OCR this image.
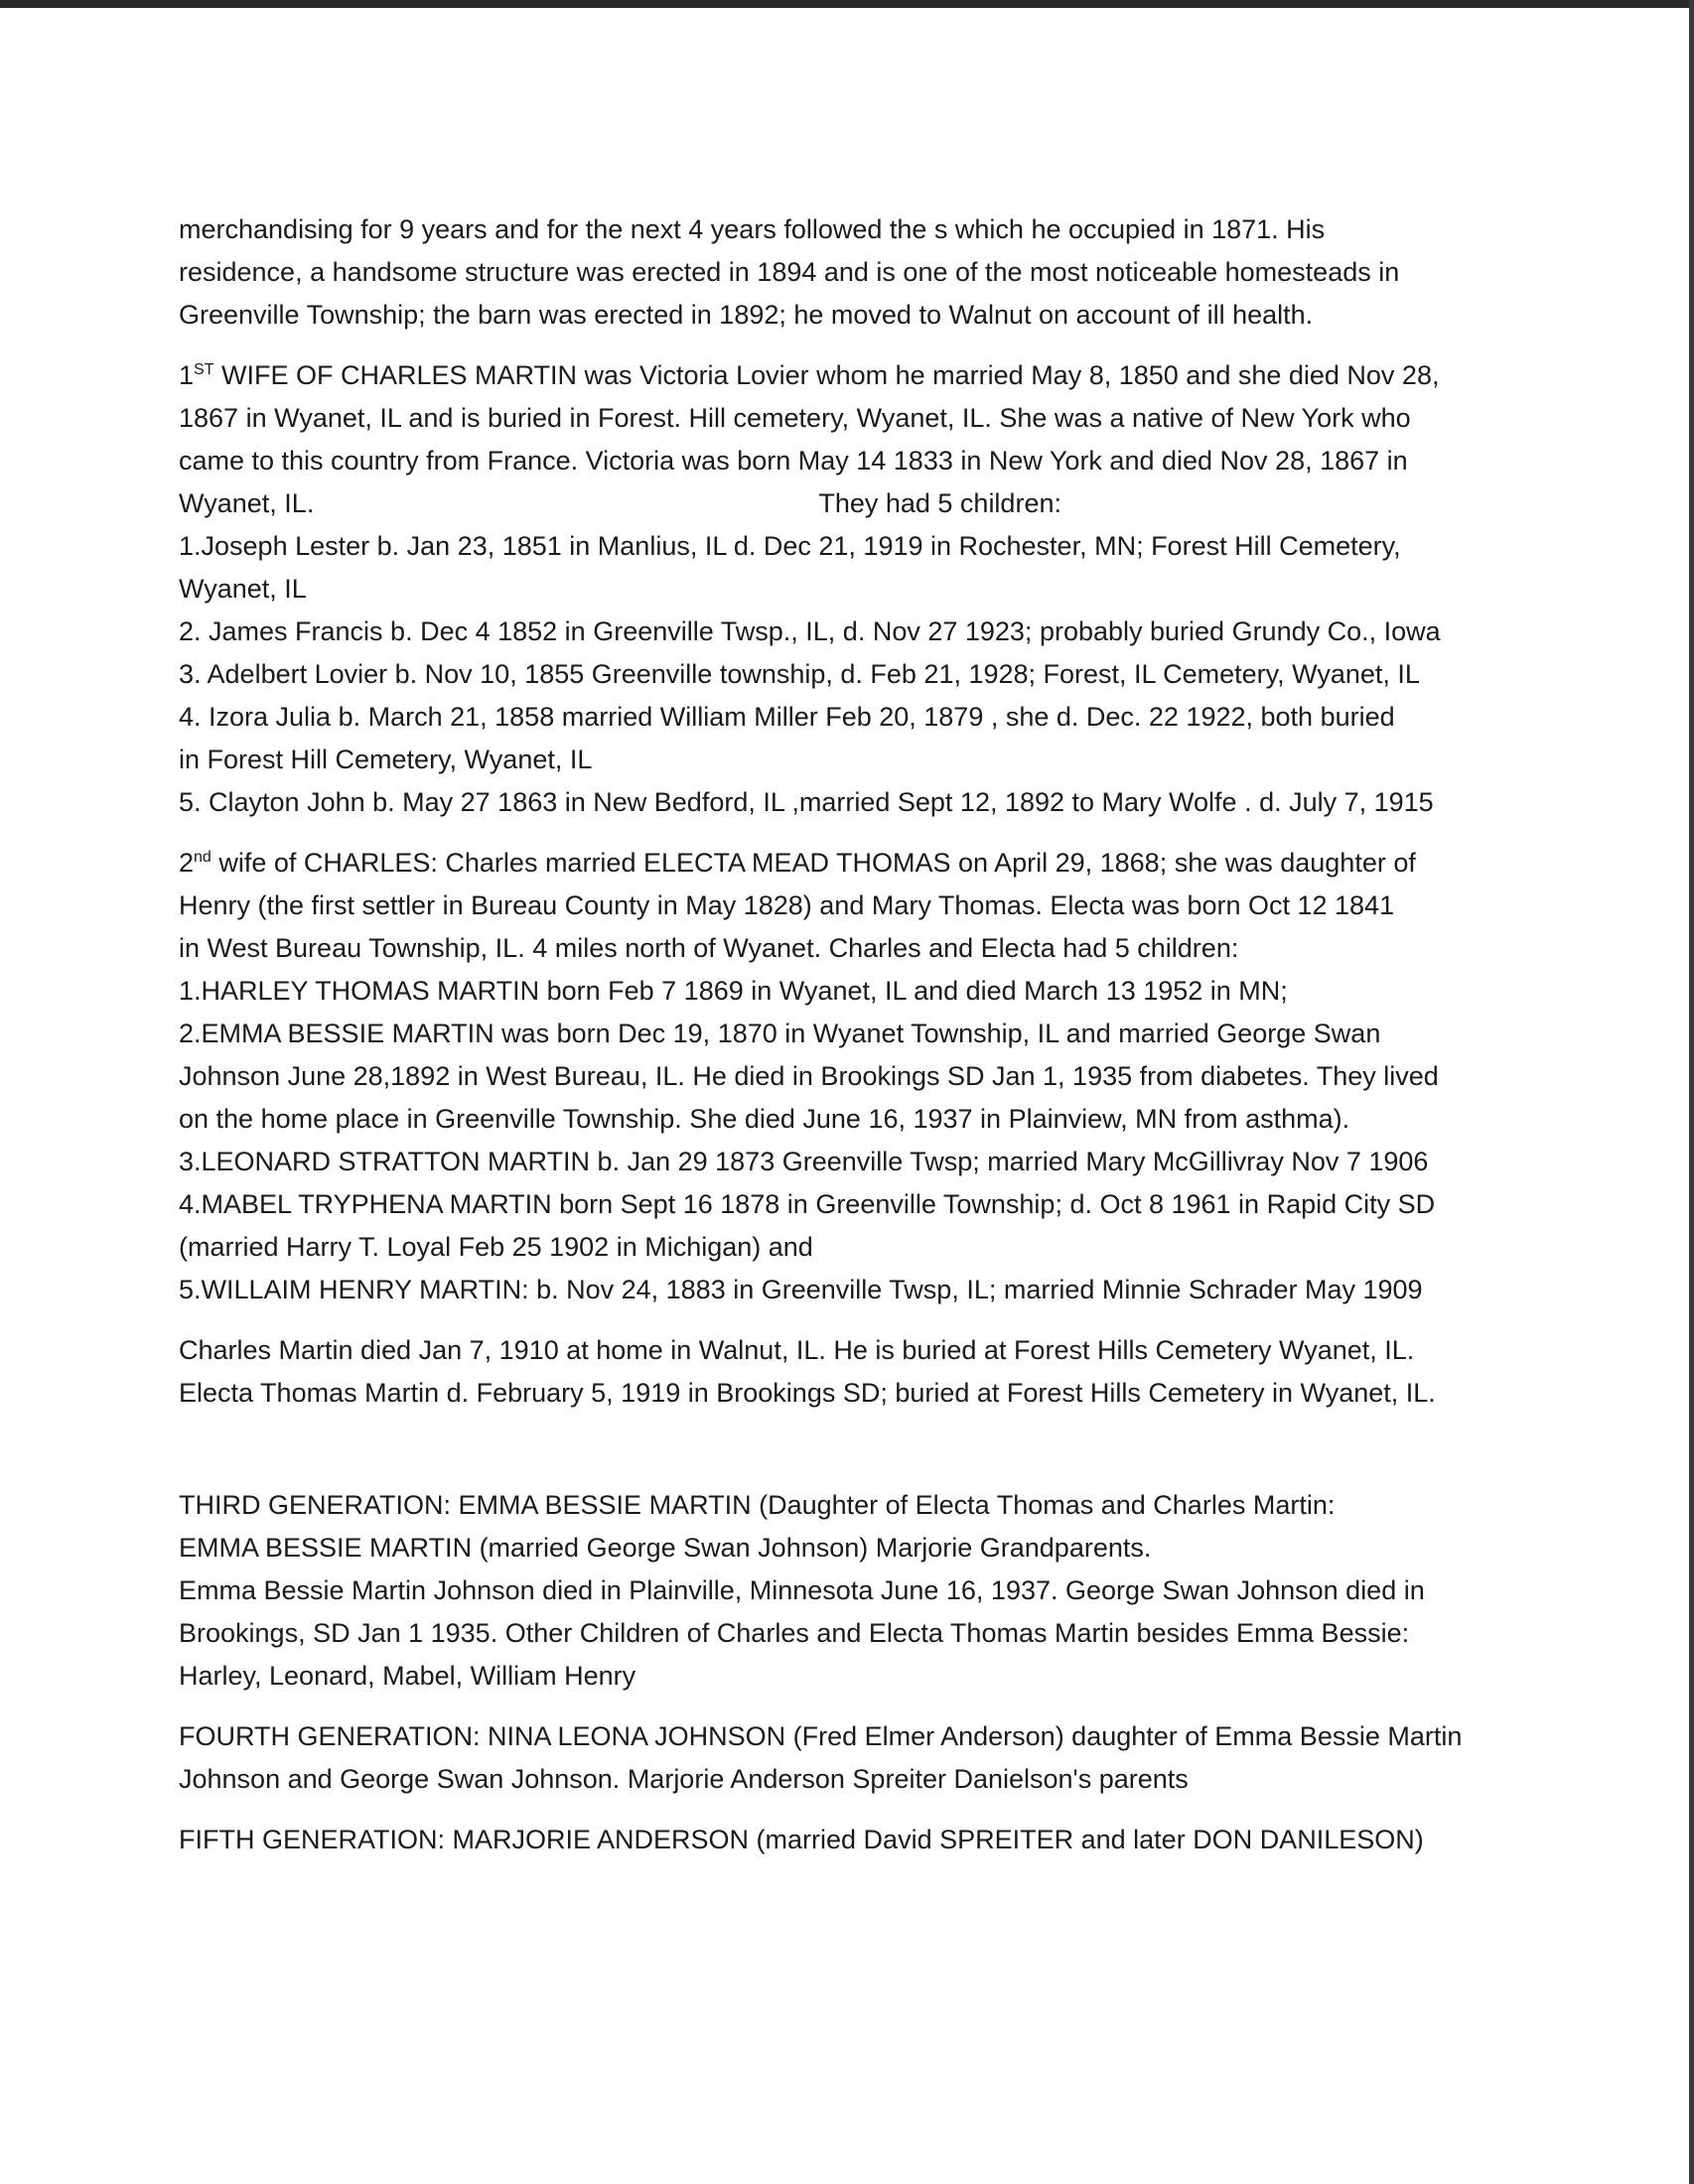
merchandising for 9 years and for the next 4 years followed the s which he occupied in 1871. His
residence, a handsome structure was erected in 1894 and is one of the most noticeable homesteads in
Greenville Township; the barn was erected in 1892; he moved to Walnut on account of ill health.
1ST WIFE OF CHARLES MARTIN was Victoria Lovier whom he married May 8, 1850 and she died Nov 28,
1867 in Wyanet, IL and is buried in Forest. Hill cemetery, Wyanet, IL. She was a native of New York who
came to this country from France. Victoria was born May 14 1833 in New York and died Nov 28, 1867 in
Wyanet, IL.	They had 5 children:
1.Joseph Lester b. Jan 23, 1851 in Manlius, IL d. Dec 21, 1919 in Rochester, MN; Forest Hill Cemetery,
Wyanet, IL
2. James Francis b. Dec 4 1852 in Greenville Twsp., IL, d. Nov 27 1923; probably buried Grundy Co., Iowa
3. Adelbert Lovier b. Nov 10, 1855 Greenville township, d. Feb 21, 1928; Forest, IL Cemetery, Wyanet, IL
4. Izora Julia b. March 21, 1858 married William Miller Feb 20, 1879 , she d. Dec. 22 1922, both buried
in Forest Hill Cemetery, Wyanet, IL
5. Clayton John b. May 27 1863 in New Bedford, IL ,married Sept 12, 1892 to Mary Wolfe . d. July 7, 1915
2nd wife of CHARLES: Charles married ELECTA MEAD THOMAS on April 29, 1868; she was daughter of
Henry (the first settler in Bureau County in May 1828) and Mary Thomas. Electa was born Oct 12 1841
in West Bureau Township, IL. 4 miles north of Wyanet. Charles and Electa had 5 children:
1.HARLEY THOMAS MARTIN born Feb 7 1869 in Wyanet, IL and died March 13 1952 in MN;
2.EMMA BESSIE MARTIN was born Dec 19, 1870 in Wyanet Township, IL and married George Swan
Johnson June 28,1892 in West Bureau, IL. He died in Brookings SD Jan 1, 1935 from diabetes. They lived
on the home place in Greenville Township. She died June 16, 1937 in Plainview, MN from asthma).
3.LEONARD STRATTON MARTIN b. Jan 29 1873 Greenville Twsp; married Mary McGillivray Nov 7 1906
4.MABEL TRYPHENA MARTIN born Sept 16 1878 in Greenville Township; d. Oct 8 1961 in Rapid City SD
(married Harry T. Loyal Feb 25 1902 in Michigan) and
5.WILLAIM HENRY MARTIN: b. Nov 24, 1883 in Greenville Twsp, IL; married Minnie Schrader May 1909
Charles Martin died Jan 7, 1910 at home in Walnut, IL. He is buried at Forest Hills Cemetery Wyanet, IL.
Electa Thomas Martin d. February 5, 1919 in Brookings SD; buried at Forest Hills Cemetery in Wyanet, IL.
THIRD GENERATION: EMMA BESSIE MARTIN (Daughter of Electa Thomas and Charles Martin:
EMMA BESSIE MARTIN (married George Swan Johnson) Marjorie Grandparents.
Emma Bessie Martin Johnson died in Plainville, Minnesota June 16, 1937. George Swan Johnson died in
Brookings, SD Jan 1 1935. Other Children of Charles and Electa Thomas Martin besides Emma Bessie:
Harley, Leonard, Mabel, William Henry
FOURTH GENERATION: NINA LEONA JOHNSON (Fred Elmer Anderson) daughter of Emma Bessie Martin
Johnson and George Swan Johnson. Marjorie Anderson Spreiter Danielson's parents
FIFTH GENERATION: MARJORIE ANDERSON (married David SPREITER and later DON DANILESON)
